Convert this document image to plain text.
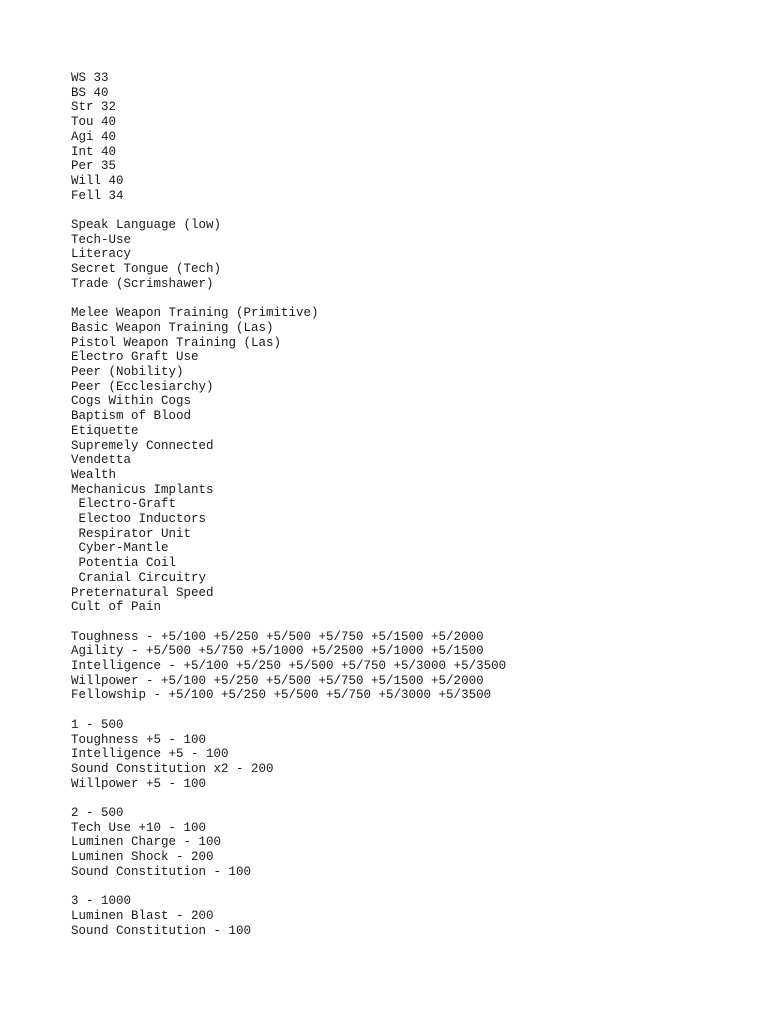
WS 33
BS 40
Str 32
Tou 40
Agi 40
Int 40
Per 35
Will 40
Fell 34
Speak Language (low)
Tech-Use
Literacy
Secret Tongue (Tech)
Trade (Scrimshawer)
Melee Weapon Training (Primitive)
Basic Weapon Training (Las)
Pistol Weapon Training (Las)
Electro Graft Use
Peer (Nobility)
Peer (Ecclesiarchy)
Cogs Within Cogs
Baptism of Blood
Etiquette
Supremely Connected
Vendetta
Wealth
Mechanicus Implants
Electro-Graft
Electoo Inductors
Respirator Unit
Cyber-Mantle
Potentia Coil
Cranial Circuitry
Preternatural Speed
Cult of Pain
Toughness - +5/100 +5/250 +5/500 +5/750 +5/1500 +5/2000
Agility - +5/500 +5/750 +5/1000 +5/2500 +5/1000 +5/1500
Intelligence - +5/100 +5/250 +5/500 +5/750 +5/3000 +5/3500
Willpower - +5/100 +5/250 +5/500 +5/750 +5/1500 +5/2000
Fellowship - +5/100 +5/250 +5/500 +5/750 +5/3000 +5/3500
1 - 500
Toughness +5 - 100
Intelligence +5 - 100
Sound Constitution x2 - 200
Willpower +5 - 100
2 - 500
Tech Use +10 - 100
Luminen Charge - 100
Luminen Shock - 200
Sound Constitution - 100
3 - 1000
Luminen Blast - 200
Sound Constitution - 100
